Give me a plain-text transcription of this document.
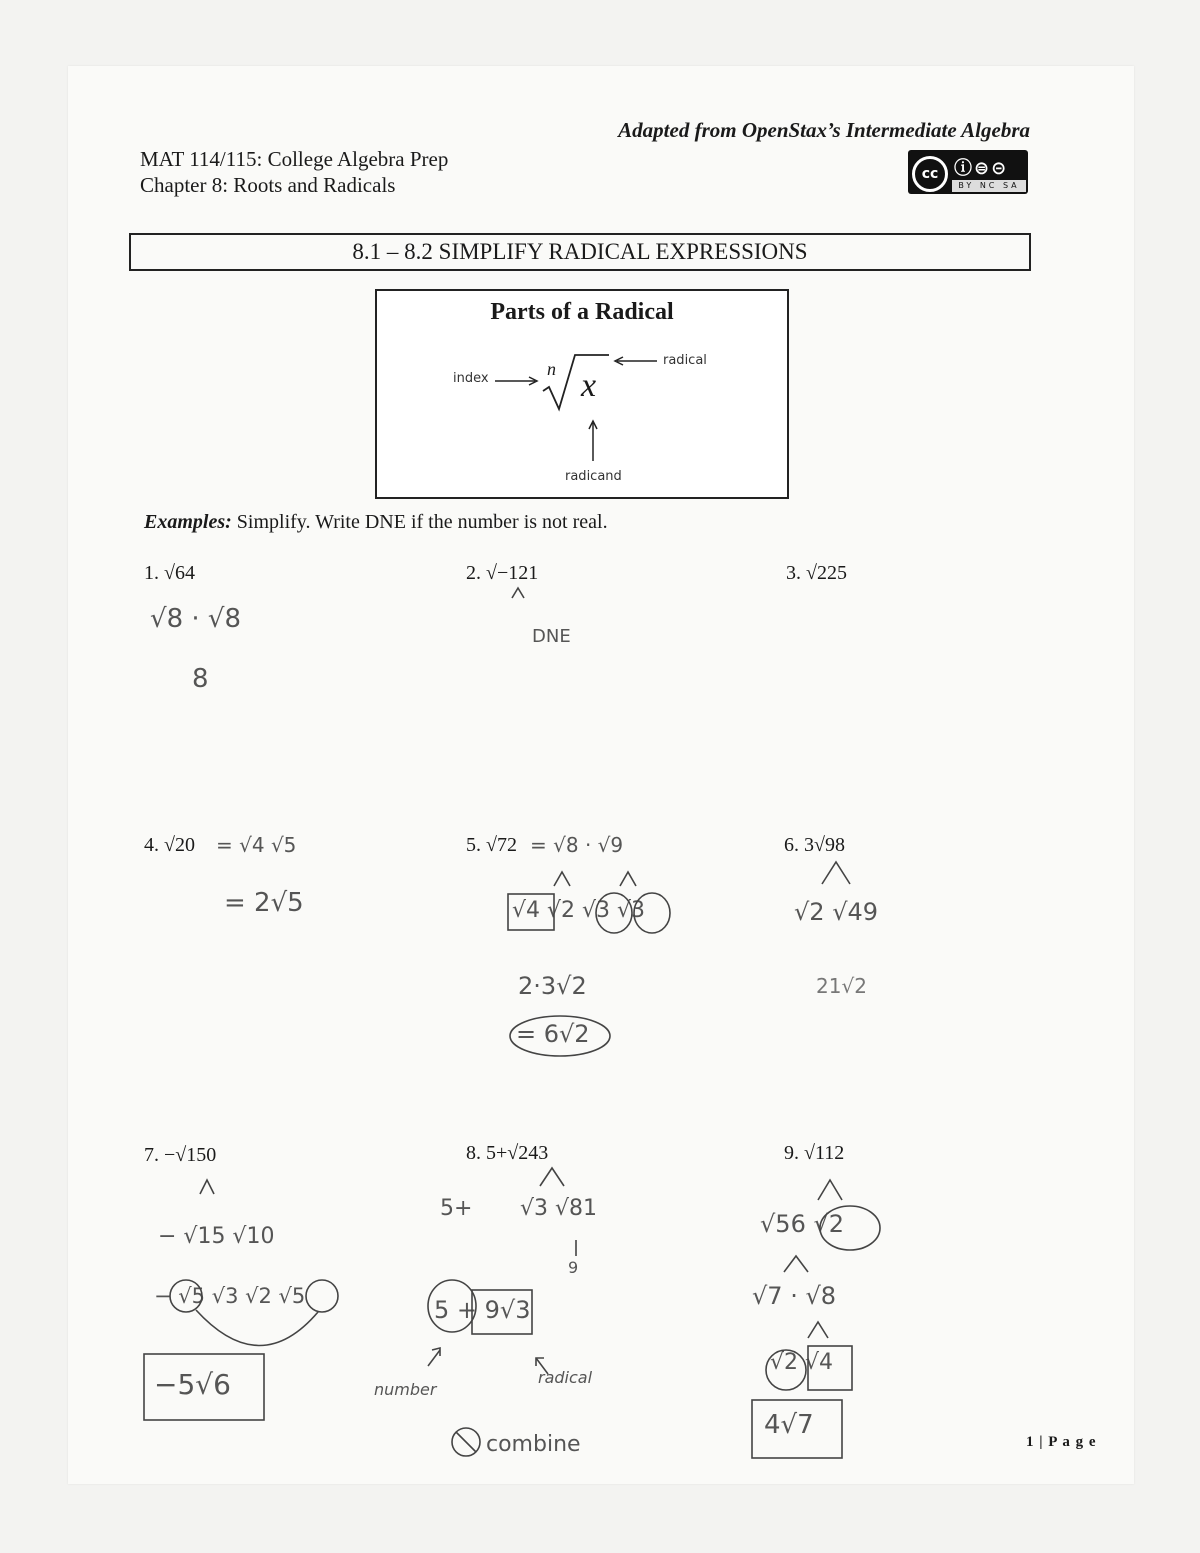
Adapted from OpenStax’s Intermediate Algebra
MAT 114/115: College Algebra Prep
Chapter 8: Roots and Radicals	cc ⓘ⊜⊝
BY NC SA
8.1 – 8.2 SIMPLIFY RADICAL EXPRESSIONS
Parts of a Radical
index
radical
radicand
n x
Examples: Simplify. Write DNE if the number is not real.
1. √64	2. √−121	3. √225
4. √20	5. √72	6. 3√98
7. −√150	8. 5+√243	9. √112
√8 · √8
8
DNE
= √4 √5
= 2√5
= √8 · √9
√4 √2 √3 √3
2·3√2
= 6√2
√2 √49
21√2
− √15 √10
− √5 √3 √2 √5
−5√6
5+ √3 √81
9
5 + 9√3
number
radical
combine
√56 √2
√7 · √8
√2 √4
4√7
1 | P a g e
